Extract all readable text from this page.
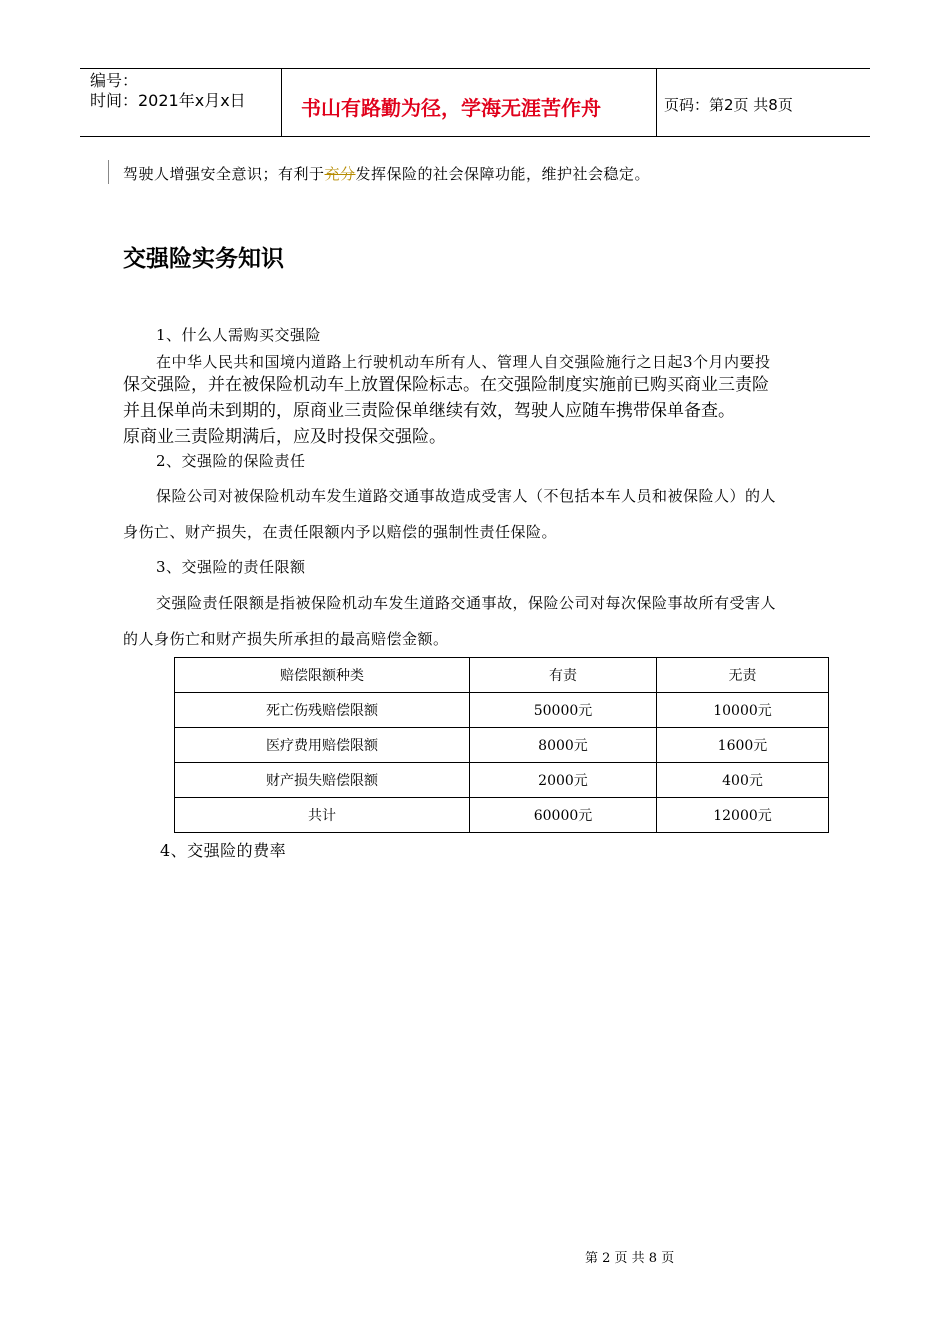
编号：
时间：2021年x月x日	书山有路勤为径，学海无涯苦作舟	页码：第2页 共8页
驾驶人增强安全意识；有利于充分发挥保险的社会保障功能，维护社会稳定。
交强险实务知识
1、什么人需购买交强险
在中华人民共和国境内道路上行驶机动车所有人、管理人自交强险施行之日起3个月内要投
保交强险，并在被保险机动车上放置保险标志。在交强险制度实施前已购买商业三责险
并且保单尚未到期的，原商业三责险保单继续有效，驾驶人应随车携带保单备查。
原商业三责险期满后，应及时投保交强险。
2、交强险的保险责任
保险公司对被保险机动车发生道路交通事故造成受害人（不包括本车人员和被保险人）的人
身伤亡、财产损失，在责任限额内予以赔偿的强制性责任保险。
3、交强险的责任限额
交强险责任限额是指被保险机动车发生道路交通事故，保险公司对每次保险事故所有受害人
的人身伤亡和财产损失所承担的最高赔偿金额。
赔偿限额种类	有责	无责
死亡伤残赔偿限额	50000元	10000元
医疗费用赔偿限额	8000元	1600元
财产损失赔偿限额	2000元	400元
共计	60000元	12000元
4、交强险的费率
第 2 页 共 8 页
